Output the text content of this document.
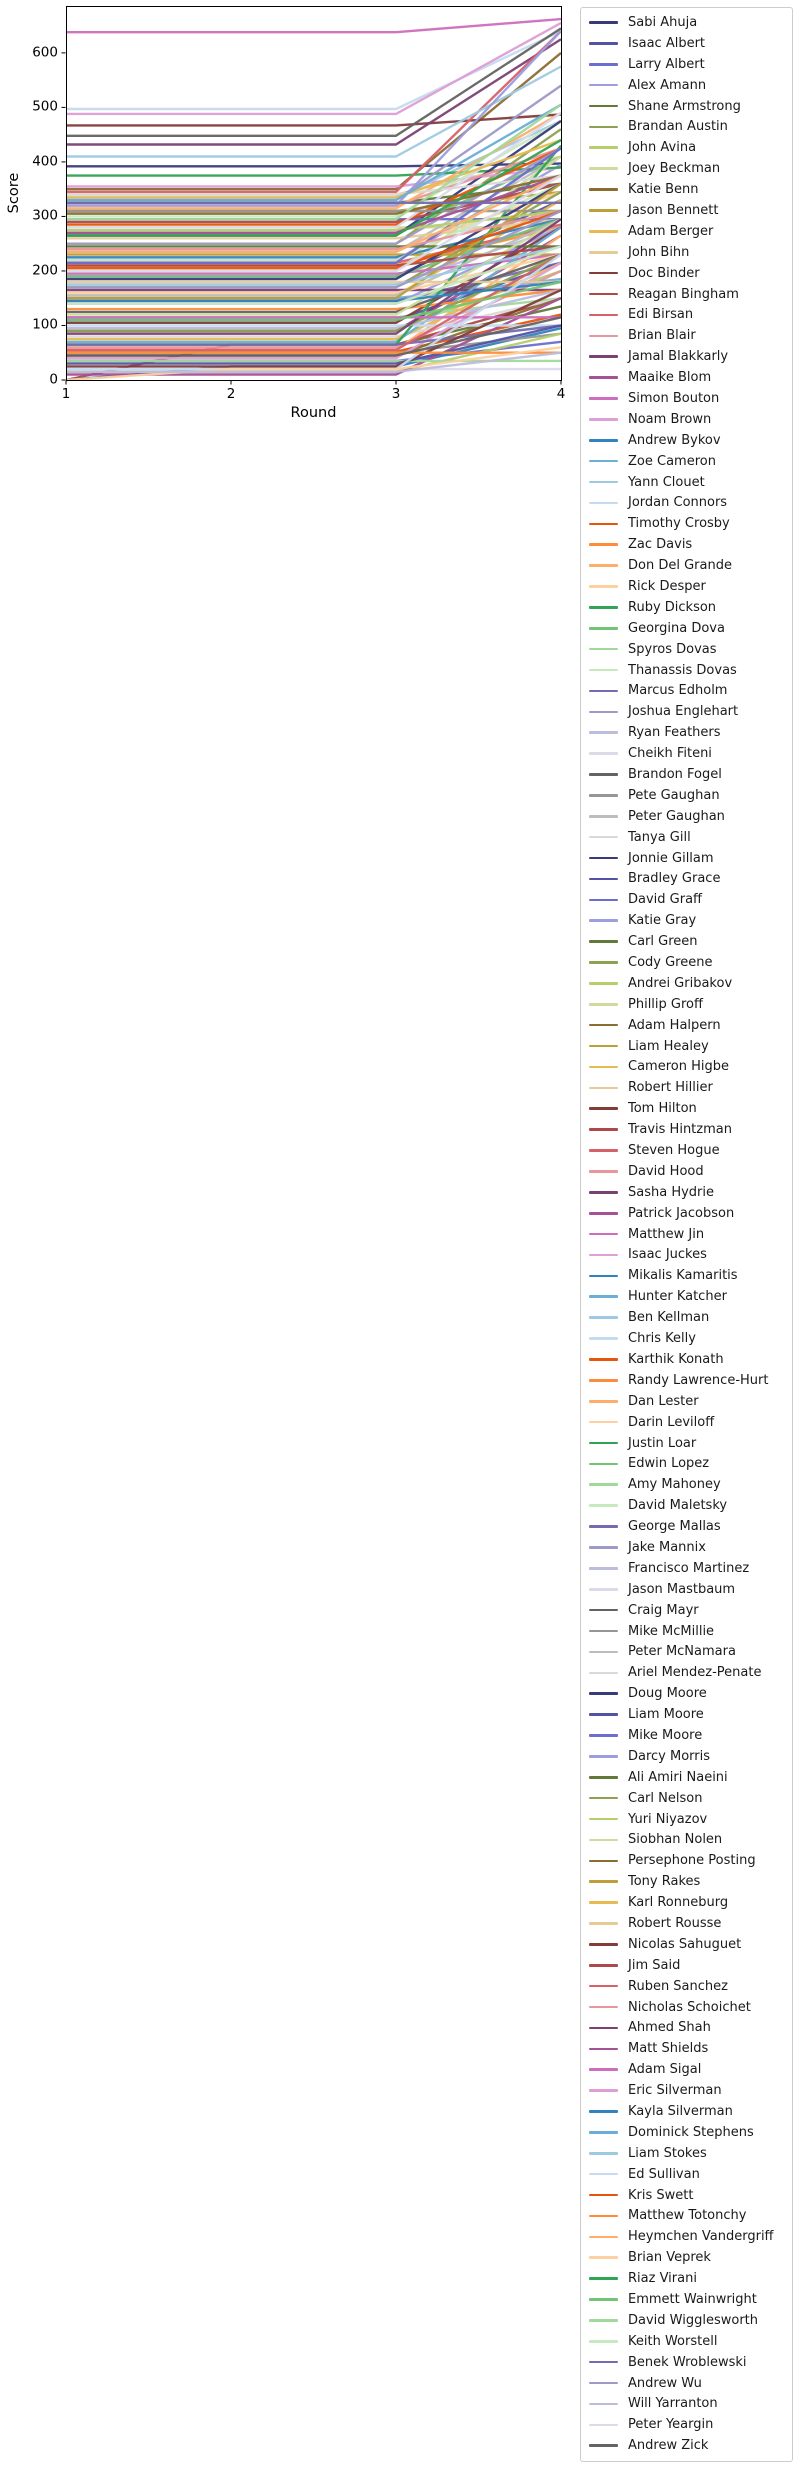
Score
Round
1	2	3	4
0
100
200
300
400
500
600
Sabi Ahuja
Isaac Albert
Larry Albert
Alex Amann
Shane Armstrong
Brandan Austin
John Avina
Joey Beckman
Katie Benn
Jason Bennett
Adam Berger
John Bihn
Doc Binder
Reagan Bingham
Edi Birsan
Brian Blair
Jamal Blakkarly
Maaike Blom
Simon Bouton
Noam Brown
Andrew Bykov
Zoe Cameron
Yann Clouet
Jordan Connors
Timothy Crosby
Zac Davis
Don Del Grande
Rick Desper
Ruby Dickson
Georgina Dova
Spyros Dovas
Thanassis Dovas
Marcus Edholm
Joshua Englehart
Ryan Feathers
Cheikh Fiteni
Brandon Fogel
Pete Gaughan
Peter Gaughan
Tanya Gill
Jonnie Gillam
Bradley Grace
David Graff
Katie Gray
Carl Green
Cody Greene
Andrei Gribakov
Phillip Groff
Adam Halpern
Liam Healey
Cameron Higbe
Robert Hillier
Tom Hilton
Travis Hintzman
Steven Hogue
David Hood
Sasha Hydrie
Patrick Jacobson
Matthew Jin
Isaac Juckes
Mikalis Kamaritis
Hunter Katcher
Ben Kellman
Chris Kelly
Karthik Konath
Randy Lawrence-Hurt
Dan Lester
Darin Leviloff
Justin Loar
Edwin Lopez
Amy Mahoney
David Maletsky
George Mallas
Jake Mannix
Francisco Martinez
Jason Mastbaum
Craig Mayr
Mike McMillie
Peter McNamara
Ariel Mendez-Penate
Doug Moore
Liam Moore
Mike Moore
Darcy Morris
Ali Amiri Naeini
Carl Nelson
Yuri Niyazov
Siobhan Nolen
Persephone Posting
Tony Rakes
Karl Ronneburg
Robert Rousse
Nicolas Sahuguet
Jim Said
Ruben Sanchez
Nicholas Schoichet
Ahmed Shah
Matt Shields
Adam Sigal
Eric Silverman
Kayla Silverman
Dominick Stephens
Liam Stokes
Ed Sullivan
Kris Swett
Matthew Totonchy
Heymchen Vandergriff
Brian Veprek
Riaz Virani
Emmett Wainwright
David Wigglesworth
Keith Worstell
Benek Wroblewski
Andrew Wu
Will Yarranton
Peter Yeargin
Andrew Zick
